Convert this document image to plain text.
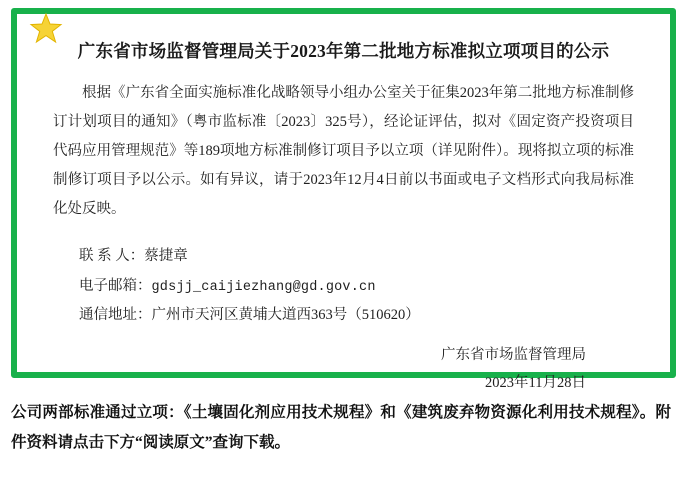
广东省市场监督管理局关于2023年第二批地方标准拟立项项目的公示

根据《广东省全面实施标准化战略领导小组办公室关于征集2023年第二批地方标准制修订计划项目的通知》（粤市监标准〔2023〕325号），经论证评估，拟对《固定资产投资项目代码应用管理规范》等189项地方标准制修订项目予以立项（详见附件）。现将拟立项的标准制修订项目予以公示。如有异议，请于2023年12月4日前以书面或电子文档形式向我局标准化处反映。

联 系 人：蔡捷章
电子邮箱：gdsjj_caijiezhang@gd.gov.cn
通信地址：广州市天河区黄埔大道西363号（510620）
广东省市场监督管理局
2023年11月28日
公司两部标准通过立项：《土壤固化剂应用技术规程》和《建筑废弃物资源化利用技术规程》。附件资料请点击下方“阅读原文”查询下载。
